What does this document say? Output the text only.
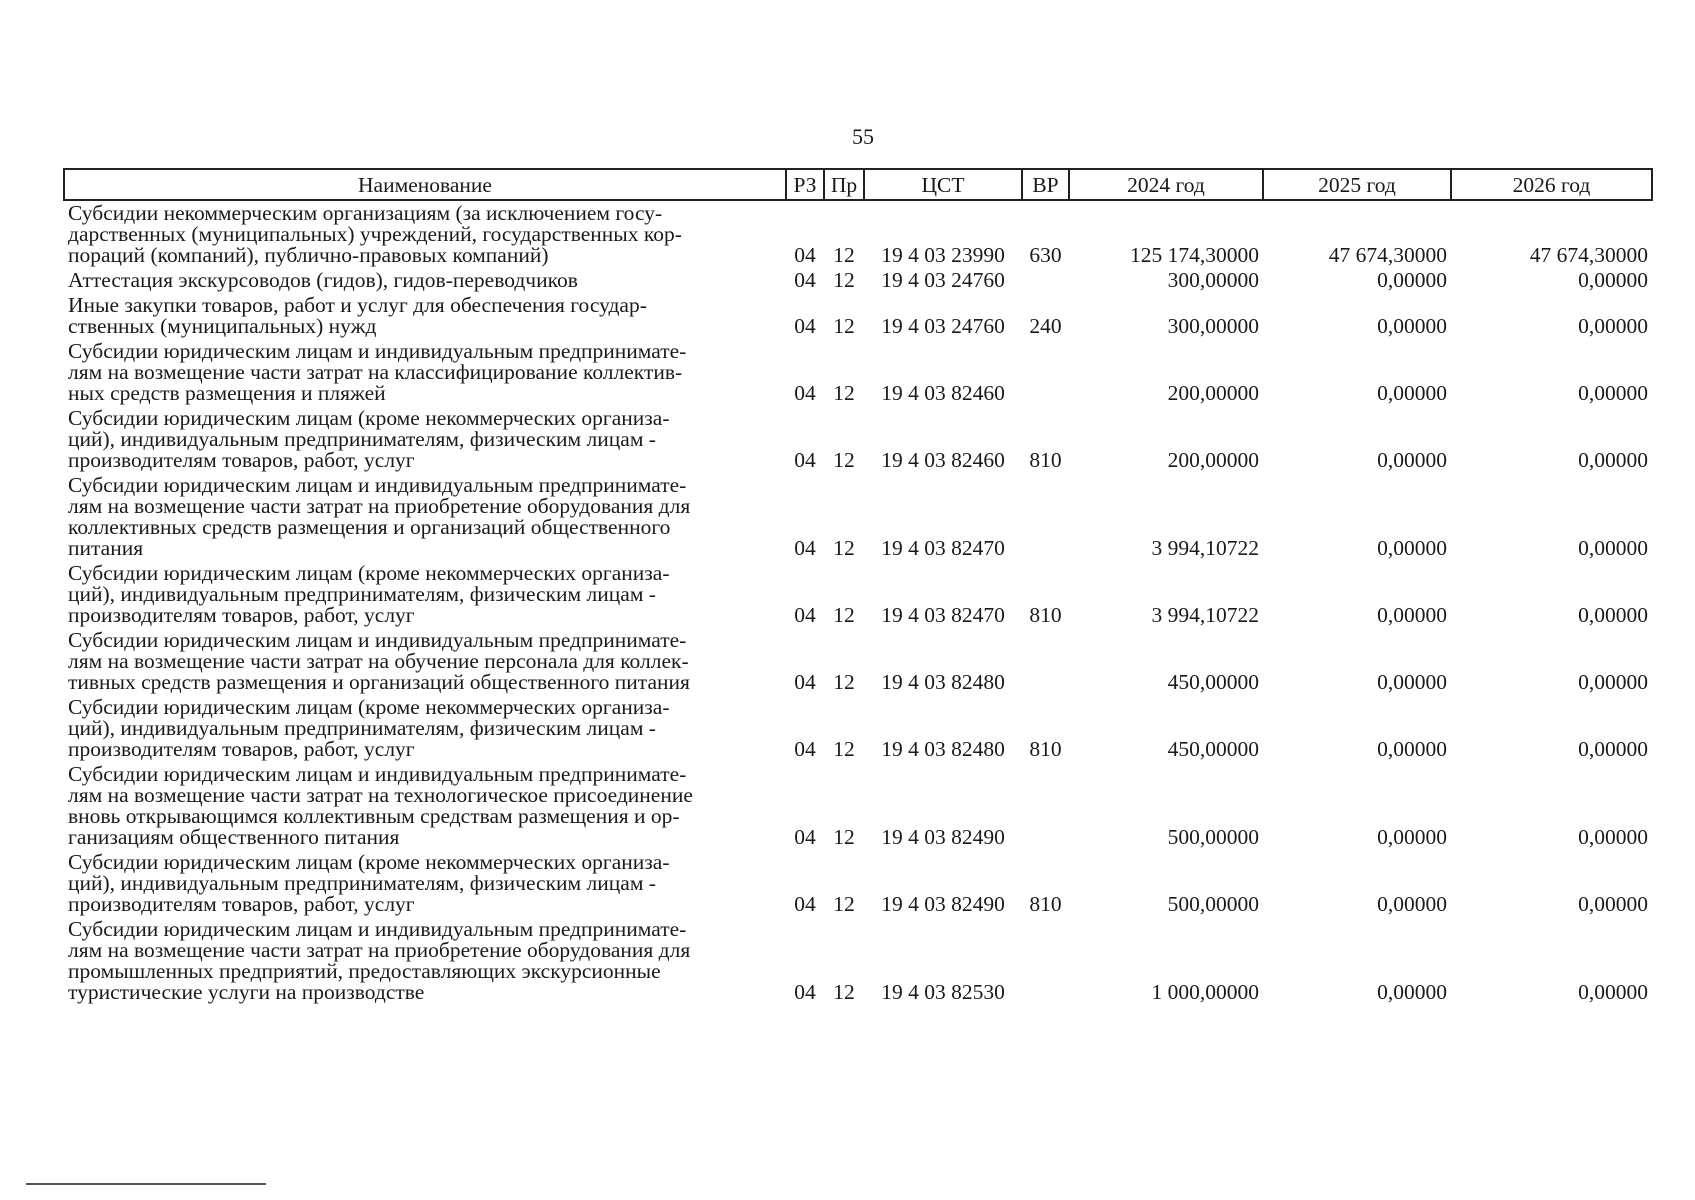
55
Наименование	РЗ	Пр	ЦСТ	ВР	2024 год	2025 год	2026 год
Субсидии некоммерческим организациям (за исключением госу-
дарственных (муниципальных) учреждений, государственных кор-
пораций (компаний), публично-правовых компаний)	04	12	19 4 03 23990	630	125 174,30000	47 674,30000	47 674,30000
Аттестация экскурсоводов (гидов), гидов-переводчиков	04	12	19 4 03 24760		300,00000	0,00000	0,00000
Иные закупки товаров, работ и услуг для обеспечения государ-
ственных (муниципальных) нужд	04	12	19 4 03 24760	240	300,00000	0,00000	0,00000
Субсидии юридическим лицам и индивидуальным предпринимате-
лям на возмещение части затрат на классифицирование коллектив-
ных средств размещения и пляжей	04	12	19 4 03 82460		200,00000	0,00000	0,00000
Субсидии юридическим лицам (кроме некоммерческих организа-
ций), индивидуальным предпринимателям, физическим лицам -
производителям товаров, работ, услуг	04	12	19 4 03 82460	810	200,00000	0,00000	0,00000
Субсидии юридическим лицам и индивидуальным предпринимате-
лям на возмещение части затрат на приобретение оборудования для
коллективных средств размещения и организаций общественного
питания	04	12	19 4 03 82470		3 994,10722	0,00000	0,00000
Субсидии юридическим лицам (кроме некоммерческих организа-
ций), индивидуальным предпринимателям, физическим лицам -
производителям товаров, работ, услуг	04	12	19 4 03 82470	810	3 994,10722	0,00000	0,00000
Субсидии юридическим лицам и индивидуальным предпринимате-
лям на возмещение части затрат на обучение персонала для коллек-
тивных средств размещения и организаций общественного питания	04	12	19 4 03 82480		450,00000	0,00000	0,00000
Субсидии юридическим лицам (кроме некоммерческих организа-
ций), индивидуальным предпринимателям, физическим лицам -
производителям товаров, работ, услуг	04	12	19 4 03 82480	810	450,00000	0,00000	0,00000
Субсидии юридическим лицам и индивидуальным предпринимате-
лям на возмещение части затрат на технологическое присоединение
вновь открывающимся коллективным средствам размещения и ор-
ганизациям общественного питания	04	12	19 4 03 82490		500,00000	0,00000	0,00000
Субсидии юридическим лицам (кроме некоммерческих организа-
ций), индивидуальным предпринимателям, физическим лицам -
производителям товаров, работ, услуг	04	12	19 4 03 82490	810	500,00000	0,00000	0,00000
Субсидии юридическим лицам и индивидуальным предпринимате-
лям на возмещение части затрат на приобретение оборудования для
промышленных предприятий, предоставляющих экскурсионные
туристические услуги на производстве	04	12	19 4 03 82530		1 000,00000	0,00000	0,00000
